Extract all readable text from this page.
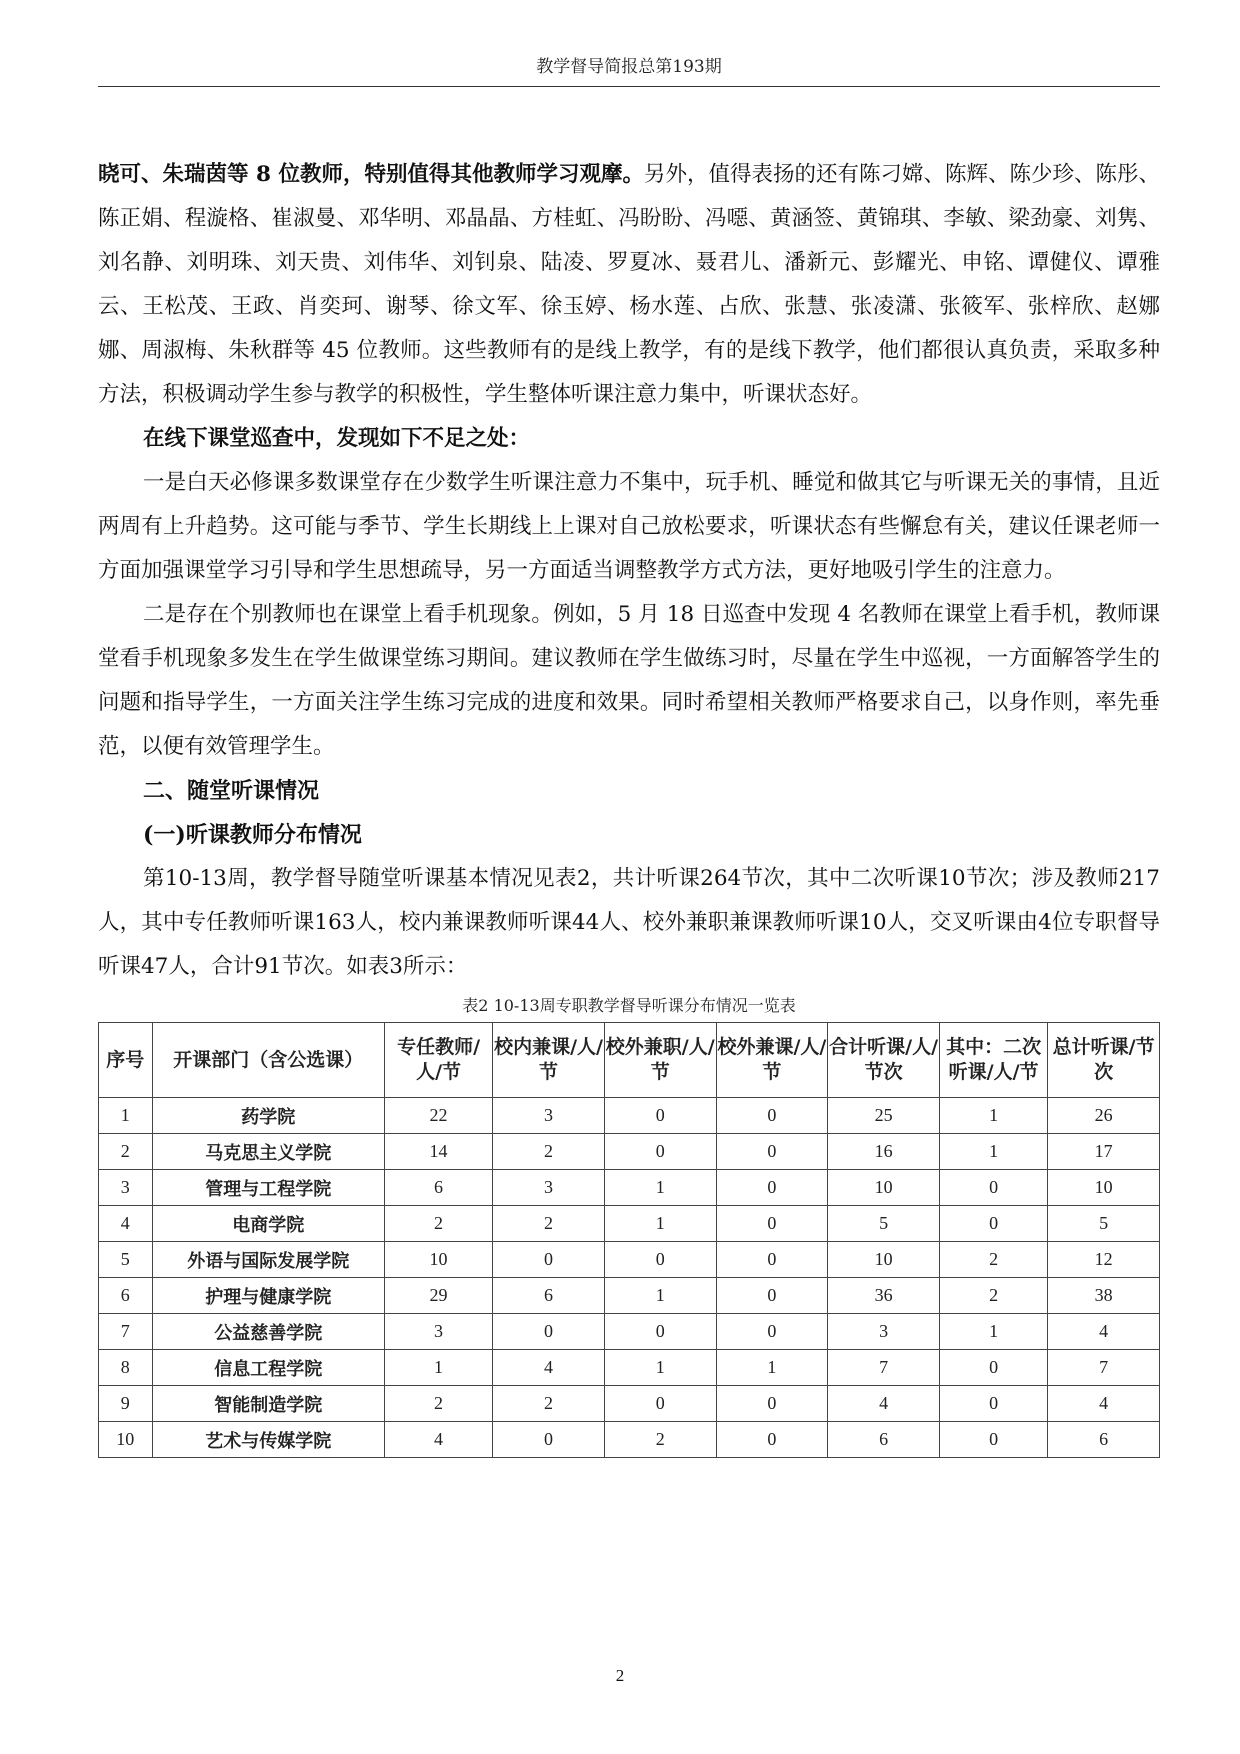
教学督导简报总第193期

晓可、朱瑞茵等 8 位教师，特别值得其他教师学习观摩。另外，值得表扬的还有陈刁嫦、陈辉、陈少珍、陈彤、陈正娟、程漩格、崔淑曼、邓华明、邓晶晶、方桂虹、冯盼盼、冯噁、黄涵签、黄锦琪、李敏、梁劲豪、刘隽、刘名静、刘明珠、刘天贵、刘伟华、刘钊泉、陆凌、罗夏冰、聂君儿、潘新元、彭耀光、申铭、谭健仪、谭雅云、王松茂、王政、肖奕珂、谢琴、徐文军、徐玉婷、杨水莲、占欣、张慧、张凌潇、张筱军、张梓欣、赵娜娜、周淑梅、朱秋群等 45 位教师。这些教师有的是线上教学，有的是线下教学，他们都很认真负责，采取多种方法，积极调动学生参与教学的积极性，学生整体听课注意力集中，听课状态好。

在线下课堂巡查中，发现如下不足之处：

一是白天必修课多数课堂存在少数学生听课注意力不集中，玩手机、睡觉和做其它与听课无关的事情，且近两周有上升趋势。这可能与季节、学生长期线上上课对自己放松要求，听课状态有些懈怠有关，建议任课老师一方面加强课堂学习引导和学生思想疏导，另一方面适当调整教学方式方法，更好地吸引学生的注意力。

二是存在个别教师也在课堂上看手机现象。例如，5 月 18 日巡查中发现 4 名教师在课堂上看手机，教师课堂看手机现象多发生在学生做课堂练习期间。建议教师在学生做练习时，尽量在学生中巡视，一方面解答学生的问题和指导学生，一方面关注学生练习完成的进度和效果。同时希望相关教师严格要求自己，以身作则，率先垂范，以便有效管理学生。

二、随堂听课情况
(一)听课教师分布情况

第10-13周，教学督导随堂听课基本情况见表2，共计听课264节次，其中二次听课10节次；涉及教师217人，其中专任教师听课163人，校内兼课教师听课44人、校外兼职兼课教师听课10人，交叉听课由4位专职督导听课47人，合计91节次。如表3所示：

表2 10-13周专职教学督导听课分布情况一览表

序号	开课部门（含公选课）	专任教师/人/节	校内兼课/人/节	校外兼职/人/节	校外兼课/人/节	合计听课/人/节次	其中：二次听课/人/节	总计听课/节次
1	药学院	22	3	0	0	25	1	26
2	马克思主义学院	14	2	0	0	16	1	17
3	管理与工程学院	6	3	1	0	10	0	10
4	电商学院	2	2	1	0	5	0	5
5	外语与国际发展学院	10	0	0	0	10	2	12
6	护理与健康学院	29	6	1	0	36	2	38
7	公益慈善学院	3	0	0	0	3	1	4
8	信息工程学院	1	4	1	1	7	0	7
9	智能制造学院	2	2	0	0	4	0	4
10	艺术与传媒学院	4	0	2	0	6	0	6
2
